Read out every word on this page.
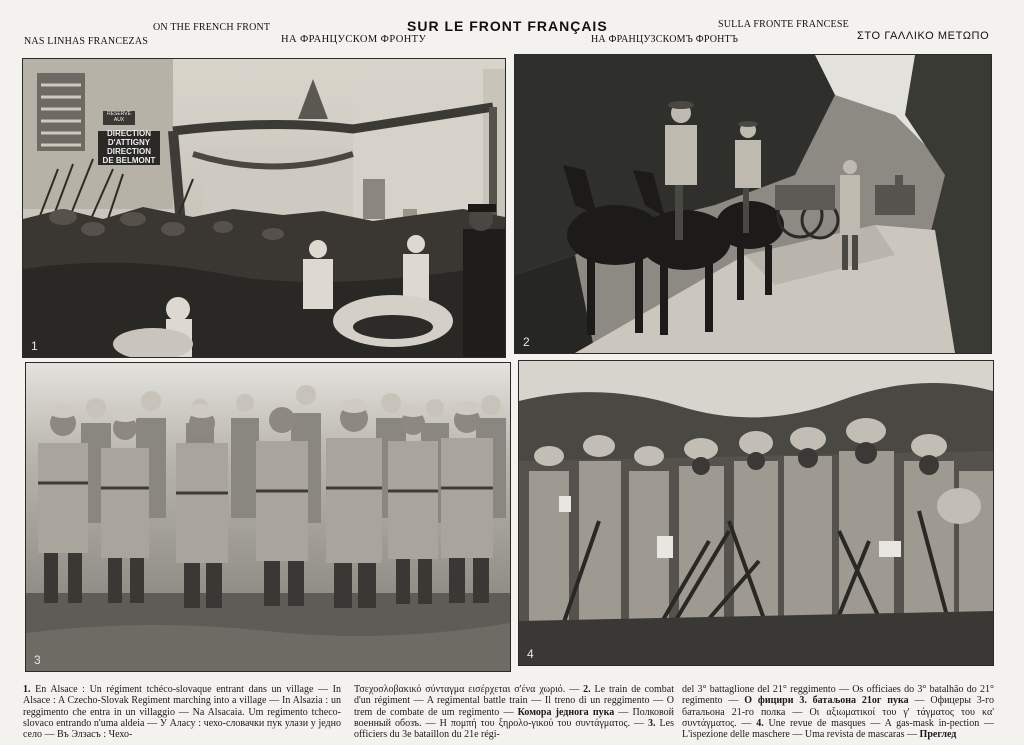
NAS LINHAS FRANCEZAS
ON THE FRENCH FRONT	SUR LE FRONT FRANÇAIS
НА ФРАНЦУСКОМ ФРОНТУ	НА ФРАНЦУЗСКОМЪ ФРОНТЪ
SULLA FRONTE FRANCESE
ΣΤΟ ΓΑΛΛΙΚΟ ΜΕΤΩΠΟ
DIRECTION
D'ATTIGNY
DIRECTION
DE BELMONT
RÉSERVÉ
AUX
1	2
3	4

1. En Alsace : Un régiment tchéco-slovaque entrant dans un village — In Alsace : A Czecho-Slovak Regiment marching into a village — In Alsazia : un reggimento che entra in un villaggio — Na Alsacaia. Um regimento tcheco-slovaco entrando n'uma aldeia — У Аласу : чехо-словачки пук улази у једно село — Въ Элзасъ : Чехо-

Τσεχοσλοβακικό σύνταγμα εισέρχεται σ'ένα χωριό. — 2. Le train de combat d'un régiment — A regimental battle train — Il treno di un reggimento — O trem de combate de um regimento — Комора једнога пука — Полковой военный обозъ. — Η πομπή του ξηρολο-γικού του συντάγματος. — 3. Les officiers du 3e bataillon du 21e régi-

del 3° battaglione del 21° reggimento — Os officiaes do 3° batalhão do 21° regimento — О фицири 3. батаљона 21ог пука — Офицеры 3-го батальона 21-го полка — Οι αξιωματικοί του γ' τάγματος του κα' συντάγματος. — 4. Une revue de masques — A gas-mask in-pection — L'ispezione delle maschere — Uma revista de mascaras — Преглед
